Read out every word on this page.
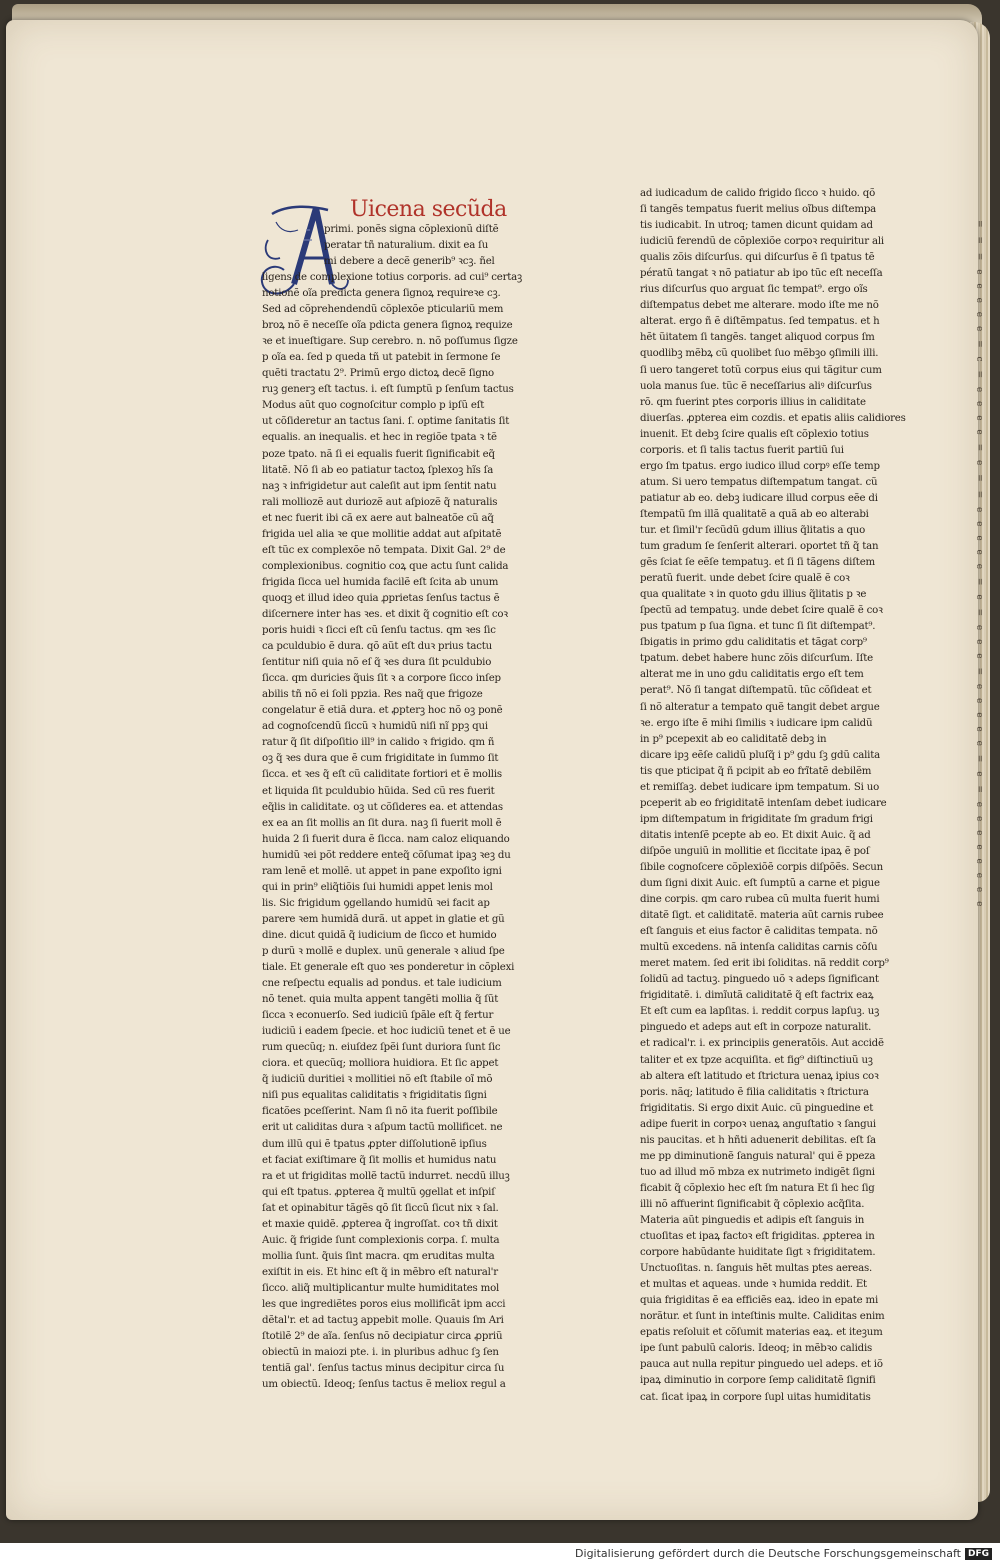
= = = e e e e e = c = e e e e = e = = e e e e e = e = e e e = e e e e e = e = e e e e e e e e
Uicena secũda
primi. ponẽs signa cõplexionũ diſtẽ
peratar tñ naturalium. dixit ea ſu
mi debere a decẽ generib⁹ ꝛcꝫ. ñel
ligens de complexione totius corporis. ad cui⁹ certaꝫ
notionẽ oĩa predicta genera ſignoꝝ requireꝛe cꝫ.
Sed ad cõprehendendũ cõplexõe pticulariũ mem
broꝝ nõ ẽ neceſſe oĩa pdicta genera ſignoꝝ requize
ꝛe et inueſtigare. Sup cerebro. n. nõ poſſumus ſigze
p oĩa ea. ſed p queda tñ ut patebit in ſermone ſe
quẽti tractatu 2⁹. Primũ ergo dictoꝝ decẽ ſigno
ruꝫ generꝫ eſt tactus. i. eſt ſumptũ p ſenſum tactus
Modus aũt quo cognoſcitur complo p ipſũ eſt
ut cõſideretur an tactus ſani. ſ. optime ſanitatis ſit
equalis. an inequalis. et hec in regiõe tpata ꝛ tẽ
poze tpato. nã ſi ei equalis fuerit ſignificabit eq̃
litatẽ. Nõ ſi ab eo patiatur tactoꝝ ſplexoꝫ hĩs ſa
naꝫ ꝛ infrigidetur aut caleſit aut ipm ſentit natu
rali molliozẽ aut duriozẽ aut aſpiozẽ q̃ naturalis
et nec fuerit ibi cã ex aere aut balneatõe cũ aq̃
frigida uel alia ꝛe que mollitie addat aut aſpitatẽ
eſt tũc ex complexõe nõ tempata. Dixit Gal. 2⁹ de
complexionibus. cognitio coꝝ que actu ſunt calida
frigida ſicca uel humida facilẽ eſt ſcita ab unum
quoqꝫ et illud ideo quia ꝓprietas ſenſus tactus ẽ
diſcernere inter has ꝛes. et dixit q̃ cognitio eſt coꝛ
poris huidi ꝛ ſicci eſt cũ ſenſu tactus. qm ꝛes ſic
ca pculdubio ẽ dura. qõ aũt eſt duꝛ prius tactu
ſentitur niſi quia nõ eſ q̃ ꝛes dura ſit pculdubio
ſicca. qm duricies q̃uis ſit ꝛ a corpore ſicco inſep
abilis tñ nõ ei ſoli ppzia. Res naq̃ que frigoze
congelatur ẽ etiã dura. et ꝓpterꝫ hoc nõ oꝫ ponẽ
ad cognoſcendũ ſiccũ ꝛ humidũ niſi nĩ ppꝫ qui
ratur q̃ ſit diſpoſitio ill⁹ in calido ꝛ frigido. qm ñ
oꝫ q̃ ꝛes dura que ẽ cum frigiditate in ſummo ſit
ſicca. et ꝛes q̃ eſt cũ caliditate fortiori et ẽ mollis
et liquida ſit pculdubio hũida. Sed cũ res fuerit
eq̃lis in caliditate. oꝫ ut cõſideres ea. et attendas
ex ea an ſit mollis an ſit dura. naꝫ ſi fuerit moll ẽ
huida 2 ſi fuerit dura ẽ ſicca. nam caloz eliquando
humidũ ꝛei põt reddere enteq̃ cõſumat ipaꝫ ꝛeꝫ du
ram lenẽ et mollẽ. ut appet in pane expoſito igni
qui in prin⁹ eliq̃tiõis ſui humidi appet lenis mol
lis. Sic frigidum ꝯgellando humidũ ꝛei facit ap
parere ꝛem humidã durã. ut appet in glatie et gũ
dine. dicut quidã q̃ iudicium de ſicco et humido
p durũ ꝛ mollẽ e duplex. unũ generale ꝛ aliud ſpe
tiale. Et generale eſt quo ꝛes ponderetur in cõplexi
cne reſpectu equalis ad pondus. et tale iudicium
nõ tenet. quia multa appent tangẽti mollia q̃ ſũt
ſicca ꝛ econuerſo. Sed iudiciũ ſpãle eſt q̃ fertur
iudiciũ i eadem ſpecie. et hoc iudiciũ tenet et ẽ ue
rum quecũq; n. eiuſdez ſpẽi ſunt duriora ſunt ſic
ciora. et quecũq; molliora huidiora. Et ſic appet
q̃ iudiciũ duritiei ꝛ mollitiei nõ eſt ſtabile oĩ mõ
niſi pus equalitas caliditatis ꝛ frigiditatis ſigni
ficatões pceſſerint. Nam ſi nõ ita fuerit poſſibile
erit ut caliditas dura ꝛ aſpum tactũ mollificet. ne
dum illũ qui ẽ tpatus ꝓpter diſſolutionẽ ipſius
et faciat exiſtimare q̃ ſit mollis et humidus natu
ra et ut frigiditas mollẽ tactũ indurret. necdũ illuꝫ
qui eſt tpatus. ꝓpterea q̃ multũ ꝯgellat et inſpiſ
ſat et opinabitur tãgẽs qõ ſit ſiccũ ſicut nix ꝛ ſal.
et maxie quidẽ. ꝓpterea q̃ ingroſſat. coꝛ tñ dixit
Auic. q̃ frigide ſunt complexionis corpa. ſ. multa
mollia ſunt. q̃uis ſint macra. qm eruditas multa
exiſtit in eis. Et hinc eſt q̃ in mẽbro eſt natural'r
ſicco. aliq̃ multiplicantur multe humiditates mol
les que ingrediẽtes poros eius mollificãt ipm acci
dẽtal'r. et ad tactuꝫ appebit molle. Quauis ſm Ari
ſtotilẽ 2⁹ de aĩa. ſenſus nõ decipiatur circa ꝓpriũ
obiectũ in maiozi pte. i. in pluribus adhuc ſꝫ ſen
tentiã gal'. ſenſus tactus minus decipitur circa ſu
um obiectũ. Ideoq; ſenſus tactus ẽ meliox regul a
ad iudicadum de calido frigido ſicco ꝛ huido. qõ
ſi tangẽs tempatus fuerit melius oĩbus diſtempa
tis iudicabit. In utroq; tamen dicunt quidam ad
iudiciũ ferendũ de cõplexiõe corpoꝛ requiritur ali
qualis zõis diſcurſus. qui diſcurſus ẽ ſi tpatus tẽ
pératũ tangat ꝛ nõ patiatur ab ipo tũc eſt neceſſa
rius diſcurſus quo arguat ſic tempat⁹. ergo oĩs
diſtempatus debet me alterare. modo iſte me nõ
alterat. ergo ñ ẽ diſtẽmpatus. ſed tempatus. et h
hẽt ũitatem ſi tangẽs. tanget aliquod corpus ſm
quodlibꝫ mẽbꝝ cũ quolibet ſuo mẽbꝫo ꝯſimili illi.
ſi uero tangeret totũ corpus eius qui tãgitur cum
uola manus ſue. tũc ẽ neceſſarius aliꝰ diſcurſus
rõ. qm fuerint ptes corporis illius in caliditate
diuerſas. ꝓpterea eim cozdis. et epatis aliis calidiores
inuenit. Et debꝫ ſcire qualis eſt cõplexio totius
corporis. et ſi talis tactus fuerit partiũ ſui
ergo ſm tpatus. ergo iudico illud corpꝰ eſſe temp
atum. Si uero tempatus diſtempatum tangat. cũ
patiatur ab eo. debꝫ iudicare illud corpus eẽe di
ſtempatũ ſm illã qualitatẽ a quã ab eo alterabi
tur. et ſimil'r ſecũdũ gdum illius q̃litatis a quo
tum gradum ſe ſenſerit alterari. oportet tñ q̃ tan
gẽs ſciat ſe eẽſe tempatuꝫ. et ſi ſi tãgens diſtem
peratũ fuerit. unde debet ſcire qualẽ ẽ coꝛ
qua qualitate ꝛ in quoto gdu illius q̃litatis p ꝛe
ſpectũ ad tempatuꝫ. unde debet ſcire qualẽ ẽ coꝛ
pus tpatum p ſua ſigna. et tunc ſi ſit diſtempat⁹.
ſbigatis in primo gdu caliditatis et tãgat corp⁹
tpatum. debet habere hunc zõis diſcurſum. Iſte
alterat me in uno gdu caliditatis ergo eſt tem
perat⁹. Nõ ſi tangat diſtempatũ. tũc cõſideat et
ſi nõ alteratur a tempato quẽ tangit debet argue
ꝛe. ergo iſte ẽ mihi ſimilis ꝛ iudicare ipm calidũ
in p⁹ pcepexit ab eo caliditatẽ debꝫ in
dicare ipꝫ eẽſe calidũ pluſq̃ i p⁹ gdu ſꝫ gdũ calita
tis que pticipat q̃ ñ pcipit ab eo frĩtatẽ debilẽm
et remiſſaꝫ. debet iudicare ipm tempatum. Si uo
pceperit ab eo frigiditatẽ intenſam debet iudicare
ipm diſtempatum in frigiditate ſm gradum frigi
ditatis intenſẽ pcepte ab eo. Et dixit Auic. q̃ ad
diſpõe unguiũ in mollitie et ſiccitate ipaꝝ ẽ poſ
ſibile cognoſcere cõplexiõẽ corpis diſpõẽs. Secun
dum ſigni dixit Auic. eſt ſumptũ a carne et pigue
dine corpis. qm caro rubea cũ multa fuerit humi
ditatẽ ſigt. et caliditatẽ. materia aũt carnis rubee
eſt ſanguis et eius factor ẽ caliditas tempata. nõ
multũ excedens. nã intenſa caliditas carnis cõſu
meret matem. ſed erit ibi ſoliditas. nã reddit corp⁹
ſolidũ ad tactuꝫ. pinguedo uõ ꝛ adeps ſignificant
frigiditatẽ. i. dimĩutã caliditatẽ q̃ eſt factrix eaꝝ
Et eſt cum ea lapſitas. i. reddit corpus lapſuꝫ. uꝫ
pinguedo et adeps aut eſt in corpoze naturalit.
et radical'r. i. ex principiis generatõis. Aut accidẽ
taliter et ex tpze acquiſita. et fig⁹ diſtinctiuũ uꝫ
ab altera eſt latitudo et ſtrictura uenaꝝ ipius coꝛ
poris. nãq; latitudo ẽ filia caliditatis ꝛ ſtrictura
frigiditatis. Si ergo dixit Auic. cũ pinguedine et
adipe fuerit in corpoꝛ uenaꝝ anguſtatio ꝛ ſangui
nis paucitas. et h hñti aduenerit debilitas. eſt ſa
me pp diminutionẽ ſanguis natural' qui ẽ ppeza
tuo ad illud mõ mbza ex nutrimeto indigẽt ſigni
ficabit q̃ cõplexio hec eſt ſm natura Et ſi hec ſig
illi nõ affuerint ſignificabit q̃ cõplexio acq̃ſita.
Materia aũt pinguedis et adipis eſt ſanguis in
ctuoſitas et ipaꝝ factoꝛ eſt frigiditas. ꝓpterea in
corpore habũdante huiditate ſigt ꝛ frigiditatem.
Unctuoſitas. n. ſanguis hẽt multas ptes aereas.
et multas et aqueas. unde ꝛ humida reddit. Et
quia frigiditas ẽ ea efficiẽs eaꝝ. ideo in epate mi
norãtur. et ſunt in inteſtinis multe. Caliditas enim
epatis reſoluit et cõſumit materias eaꝝ. et iteꝫum
ipe ſunt pabulũ caloris. Ideoq; in mẽbꝛo calidis
pauca aut nulla repitur pinguedo uel adeps. et iõ
ipaꝝ diminutio in corpore ſemp caliditatẽ ſignifi
cat. ſicat ipaꝝ in corpore ſupl uitas humiditatis
Digitalisierung gefördert durch die Deutsche Forschungsgemeinschaft DFG
